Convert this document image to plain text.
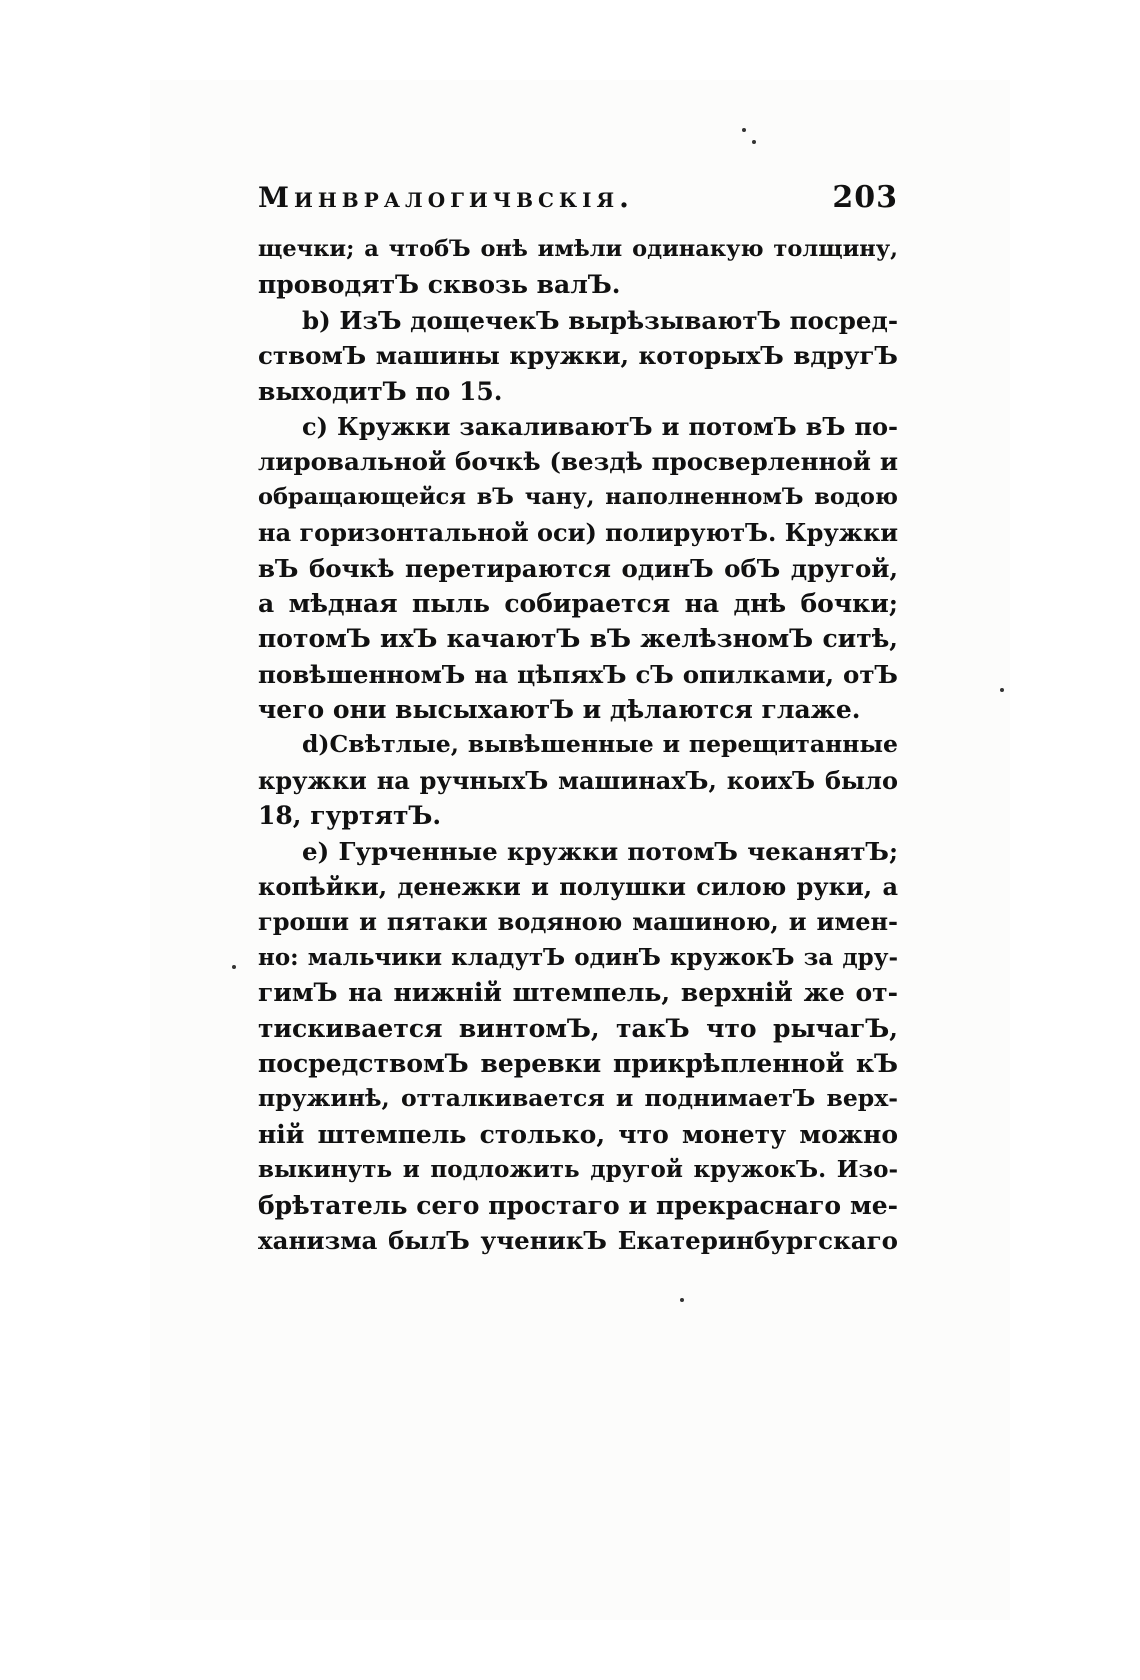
Минвралогичвскія.	203
щечки; а чтобЪ онѣ имѣли одинакую толщину,
проводятЪ сквозь валЪ.
b) ИзЪ дощечекЪ вырѣзываютЪ посред-
ствомЪ машины кружки, которыхЪ вдругЪ
выходитЪ по 15.
c) Кружки закаливаютЪ и потомЪ вЪ по-
лировальной бочкѣ (вездѣ просверленной и
обращающейся вЪ чану, наполненномЪ водою
на горизонтальной оси) полируютЪ. Кружки
вЪ бочкѣ перетираются одинЪ обЪ другой,
а мѣдная пыль собирается на днѣ бочки;
потомЪ ихЪ качаютЪ вЪ желѣзномЪ ситѣ,
повѣшенномЪ на цѣпяхЪ сЪ опилками, отЪ
чего они высыхаютЪ и дѣлаются глаже.
d)Свѣтлые, вывѣшенные и перещитанные
кружки на ручныхЪ машинахЪ, коихЪ было
18, гуртятЪ.
e) Гурченные кружки потомЪ чеканятЪ;
копѣйки, денежки и полушки силою руки, а
гроши и пятаки водяною машиною, и имен-
но: мальчики кладутЪ одинЪ кружокЪ за дру-
гимЪ на нижній штемпель, верхній же от-
тискивается винтомЪ, такЪ что рычагЪ,
посредствомЪ веревки прикрѣпленной кЪ
пружинѣ, отталкивается и поднимаетЪ верх-
ній штемпель столько, что монету можно
выкинуть и подложить другой кружокЪ. Изо-
брѣтатель сего простаго и прекраснаго ме-
ханизма былЪ ученикЪ Екатеринбургскаго
